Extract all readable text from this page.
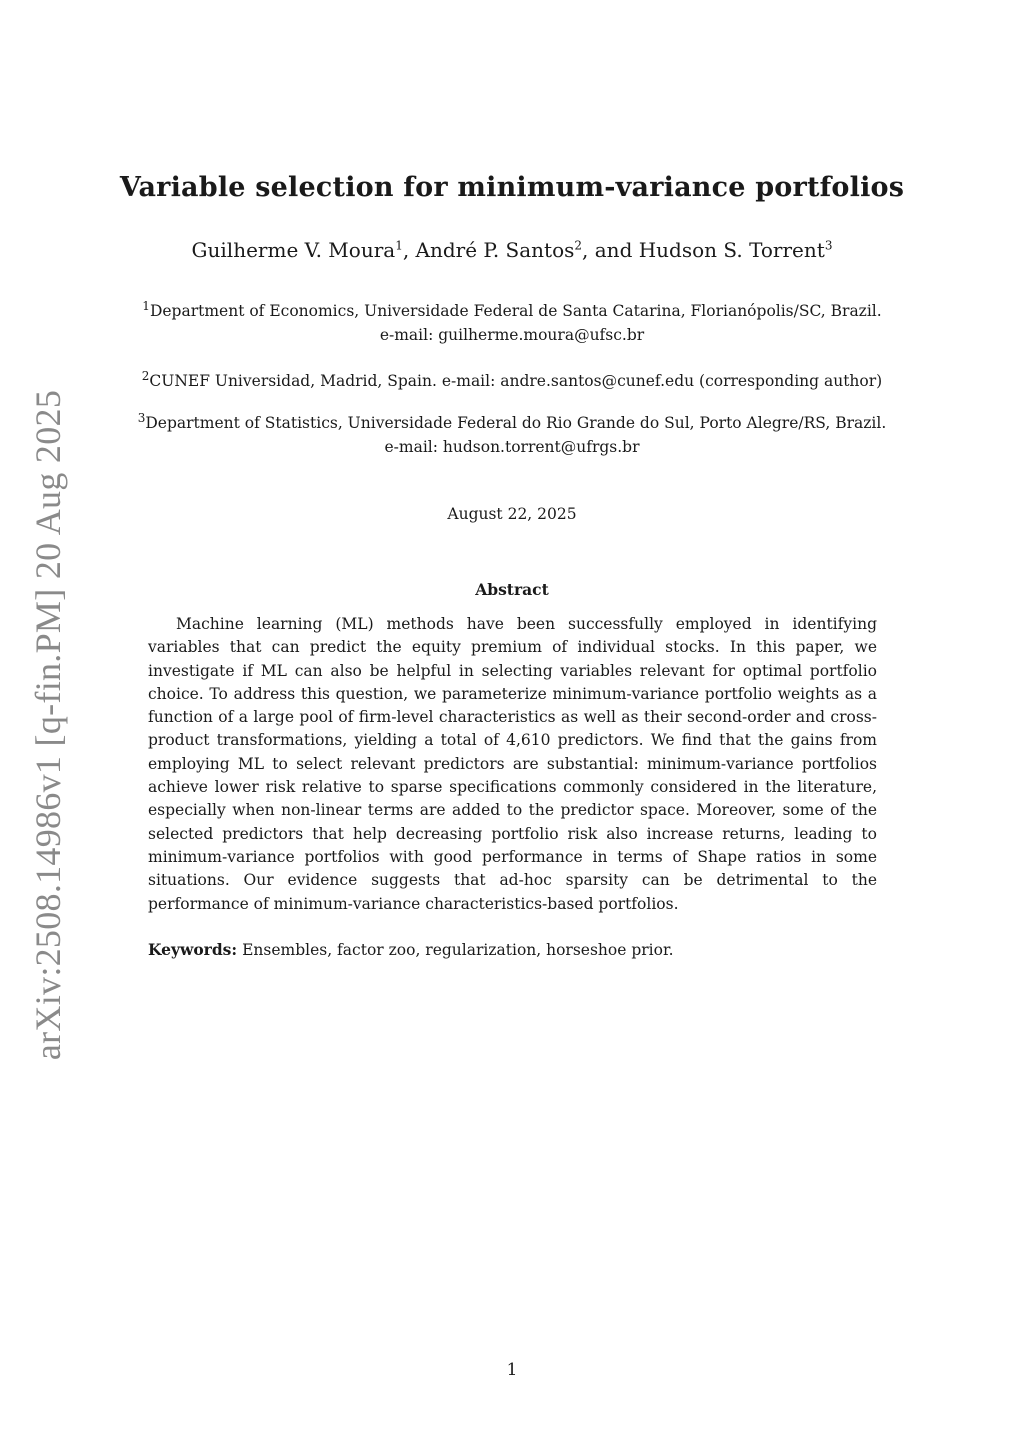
arXiv:2508.14986v1 [q-fin.PM] 20 Aug 2025
Variable selection for minimum-variance portfolios
Guilherme V. Moura$^1$, André P. Santos$^2$, and Hudson S. Torrent$^3$
$^1$Department of Economics, Universidade Federal de Santa Catarina, Florianópolis/SC, Brazil.
e-mail: guilherme.moura@ufsc.br
$^2$CUNEF Universidad, Madrid, Spain. e-mail: andre.santos@cunef.edu (corresponding author)
$^3$Department of Statistics, Universidade Federal do Rio Grande do Sul, Porto Alegre/RS, Brazil.
e-mail: hudson.torrent@ufrgs.br
August 22, 2025
Abstract

Machine learning (ML) methods have been successfully employed in identifying variables that can predict the equity premium of individual stocks. In this paper, we investigate if ML can also be helpful in selecting variables relevant for optimal portfolio choice. To address this question, we parameterize minimum-variance portfolio weights as a function of a large pool of firm-level characteristics as well as their second-order and cross-product transformations, yielding a total of 4,610 predictors. We find that the gains from employing ML to select relevant predictors are substantial: minimum-variance portfolios achieve lower risk relative to sparse specifications commonly considered in the literature, especially when non-linear terms are added to the predictor space. Moreover, some of the selected predictors that help decreasing portfolio risk also increase returns, leading to minimum-variance portfolios with good performance in terms of Shape ratios in some situations. Our evidence suggests that ad-hoc sparsity can be detrimental to the performance of minimum-variance characteristics-based portfolios.

Keywords: Ensembles, factor zoo, regularization, horseshoe prior.

1
